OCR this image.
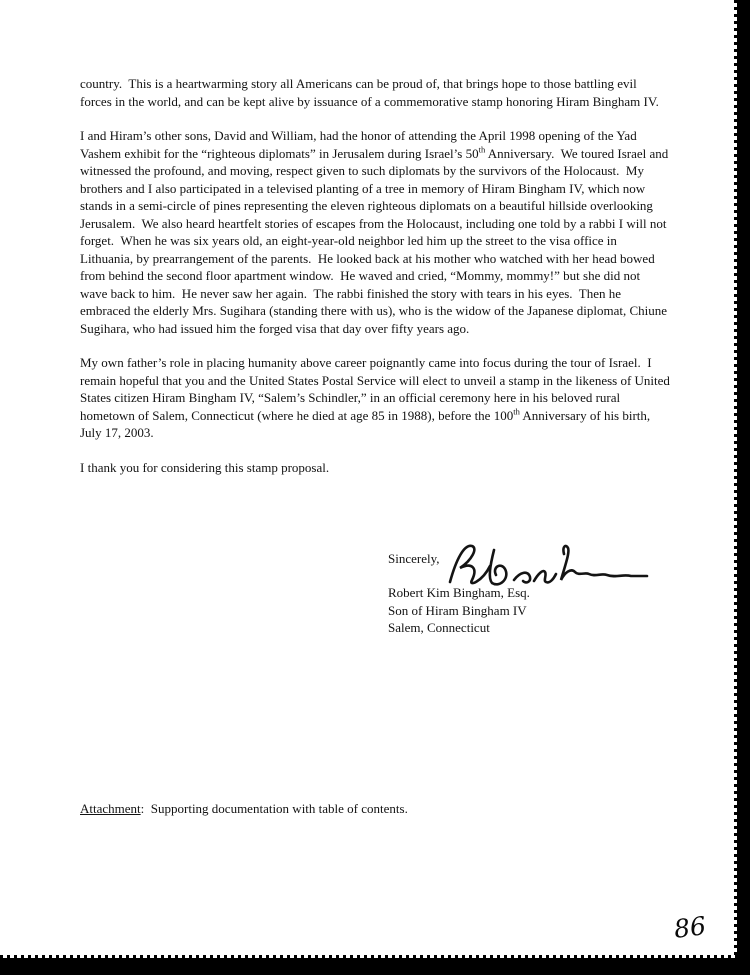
country.  This is a heartwarming story all Americans can be proud of, that brings hope to those battling evil forces in the world, and can be kept alive by issuance of a commemorative stamp honoring Hiram Bingham IV.

I and Hiram’s other sons, David and William, had the honor of attending the April 1998 opening of the Yad Vashem exhibit for the “righteous diplomats” in Jerusalem during Israel’s 50th Anniversary.  We toured Israel and witnessed the profound, and moving, respect given to such diplomats by the survivors of the Holocaust.  My brothers and I also participated in a televised planting of a tree in memory of Hiram Bingham IV, which now stands in a semi-circle of pines representing the eleven righteous diplomats on a beautiful hillside overlooking Jerusalem.  We also heard heartfelt stories of escapes from the Holocaust, including one told by a rabbi I will not forget.  When he was six years old, an eight-year-old neighbor led him up the street to the visa office in Lithuania, by prearrangement of the parents.  He looked back at his mother who watched with her head bowed from behind the second floor apartment window.  He waved and cried, “Mommy, mommy!” but she did not wave back to him.  He never saw her again.  The rabbi finished the story with tears in his eyes.  Then he embraced the elderly Mrs. Sugihara (standing there with us), who is the widow of the Japanese diplomat, Chiune Sugihara, who had issued him the forged visa that day over fifty years ago.

My own father’s role in placing humanity above career poignantly came into focus during the tour of Israel.  I remain hopeful that you and the United States Postal Service will elect to unveil a stamp in the likeness of United States citizen Hiram Bingham IV, “Salem’s Schindler,” in an official ceremony here in his beloved rural hometown of Salem, Connecticut (where he died at age 85 in 1988), before the 100th Anniversary of his birth, July 17, 2003.

I thank you for considering this stamp proposal.

Sincerely,
Robert Kim Bingham, Esq.
Son of Hiram Bingham IV
Salem, Connecticut
Attachment:  Supporting documentation with table of contents.
86
